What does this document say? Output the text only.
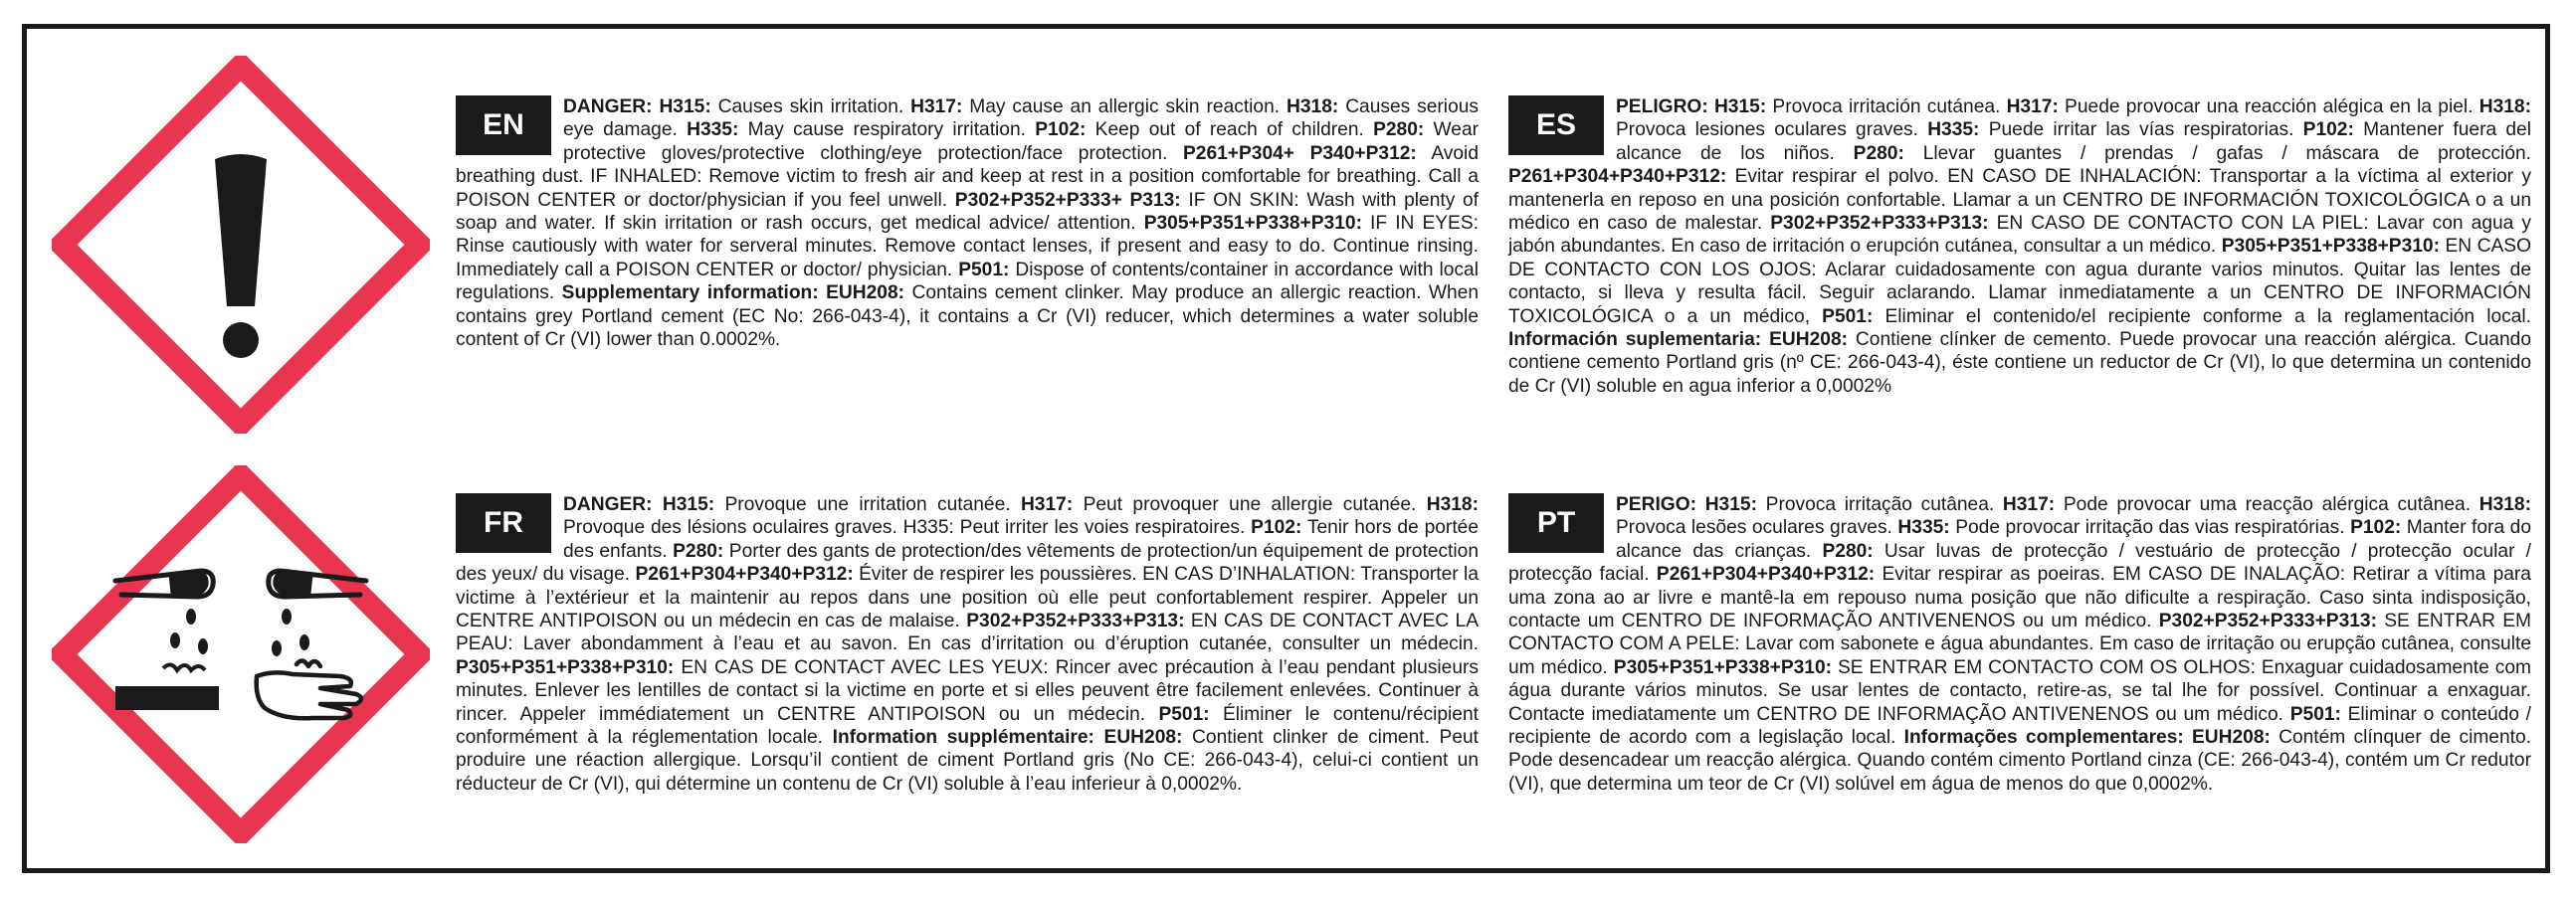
EN
DANGER: H315: Causes skin irritation. H317: May cause an allergic skin reaction. H318: Causes serious eye damage. H335: May cause respiratory irritation. P102: Keep out of reach of children. P280: Wear protective gloves/protective clothing/eye protection/face protection. P261+P304+ P340+P312: Avoid breathing dust. IF INHALED: Remove victim to fresh air and keep at rest in a position comfortable for breathing. Call a POISON CENTER or doctor/physician if you feel unwell. P302+P352+P333+ P313: IF ON SKIN: Wash with plenty of soap and water. If skin irritation or rash occurs, get medical advice/ attention. P305+P351+P338+P310: IF IN EYES: Rinse cautiously with water for serveral minutes. Remove contact lenses, if present and easy to do. Continue rinsing. Immediately call a POISON CENTER or doctor/ physician. P501: Dispose of contents/container in accordance with local regulations. Supplementary information: EUH208: Contains cement clinker. May produce an allergic reaction. When contains grey Portland cement (EC No: 266-043-4), it contains a Cr (VI) reducer, which determines a water soluble content of Cr (VI) lower than 0.0002%.
ES
PELIGRO: H315: Provoca irritación cutánea. H317: Puede provocar una reacción alégica en la piel. H318: Provoca lesiones oculares graves. H335: Puede irritar las vías respiratorias. P102: Mantener fuera del alcance de los niños. P280: Llevar guantes / prendas / gafas / máscara de protección. P261+P304+P340+P312: Evitar respirar el polvo. EN CASO DE INHALACIÓN: Transportar a la víctima al exterior y mantenerla en reposo en una posición confortable. Llamar a un CENTRO DE INFORMACIÓN TOXICOLÓGICA o a un médico en caso de malestar. P302+P352+P333+P313: EN CASO DE CONTACTO CON LA PIEL: Lavar con agua y jabón abundantes. En caso de irritación o erupción cutánea, consultar a un médico. P305+P351+P338+P310: EN CASO DE CONTACTO CON LOS OJOS: Aclarar cuidadosamente con agua durante varios minutos. Quitar las lentes de contacto, si lleva y resulta fácil. Seguir aclarando. Llamar inmediatamente a un CENTRO DE INFORMACIÓN TOXICOLÓGICA o a un médico, P501: Eliminar el contenido/el recipiente conforme a la reglamentación local. Información suplementaria: EUH208: Contiene clínker de cemento. Puede provocar una reacción alérgica. Cuando contiene cemento Portland gris (nº CE: 266-043-4), éste contiene un reductor de Cr (VI), lo que determina un contenido de Cr (VI) soluble en agua inferior a 0,0002%
FR
DANGER: H315: Provoque une irritation cutanée. H317: Peut provoquer une allergie cutanée. H318: Provoque des lésions oculaires graves. H335: Peut irriter les voies respiratoires. P102: Tenir hors de portée des enfants. P280: Porter des gants de protection/des vêtements de protection/un équipement de protection des yeux/ du visage. P261+P304+P340+P312: Éviter de respirer les poussières. EN CAS D’INHALATION: Transporter la victime à l’extérieur et la maintenir au repos dans une position où elle peut confortablement respirer. Appeler un CENTRE ANTIPOISON ou un médecin en cas de malaise. P302+P352+P333+P313: EN CAS DE CONTACT AVEC LA PEAU: Laver abondamment à l’eau et au savon. En cas d’irritation ou d’éruption cutanée, consulter un médecin. P305+P351+P338+P310: EN CAS DE CONTACT AVEC LES YEUX: Rincer avec précaution à l’eau pendant plusieurs minutes. Enlever les lentilles de contact si la victime en porte et si elles peuvent être facilement enlevées. Continuer à rincer. Appeler immédiatement un CENTRE ANTIPOISON ou un médecin. P501: Éliminer le contenu/récipient conformément à la réglementation locale. Information supplémentaire: EUH208: Contient clinker de ciment. Peut produire une réaction allergique. Lorsqu’il contient de ciment Portland gris (No CE: 266-043-4), celui-ci contient un réducteur de Cr (VI), qui détermine un contenu de Cr (VI) soluble à l’eau inferieur à 0,0002%.
PT
PERIGO: H315: Provoca irritação cutânea. H317: Pode provocar uma reacção alérgica cutânea. H318: Provoca lesões oculares graves. H335: Pode provocar irritação das vias respiratórias. P102: Manter fora do alcance das crianças. P280: Usar luvas de protecção / vestuário de protecção / protecção ocular / protecção facial. P261+P304+P340+P312: Evitar respirar as poeiras. EM CASO DE INALAÇÃO: Retirar a vítima para uma zona ao ar livre e mantê-la em repouso numa posição que não dificulte a respiração. Caso sinta indisposição, contacte um CENTRO DE INFORMAÇÃO ANTIVENENOS ou um médico. P302+P352+P333+P313: SE ENTRAR EM CONTACTO COM A PELE: Lavar com sabonete e água abundantes. Em caso de irritação ou erupção cutânea, consulte um médico. P305+P351+P338+P310: SE ENTRAR EM CONTACTO COM OS OLHOS: Enxaguar cuidadosamente com água durante vários minutos. Se usar lentes de contacto, retire-as, se tal lhe for possível. Continuar a enxaguar. Contacte imediatamente um CENTRO DE INFORMAÇÃO ANTIVENENOS ou um médico. P501: Eliminar o conteúdo / recipiente de acordo com a legislação local. Informações complementares: EUH208: Contém clínquer de cimento. Pode desencadear um reacção alérgica. Quando contém cimento Portland cinza (CE: 266-043-4), contém um Cr redutor (VI), que determina um teor de Cr (VI) solúvel em água de menos do que 0,0002%.
